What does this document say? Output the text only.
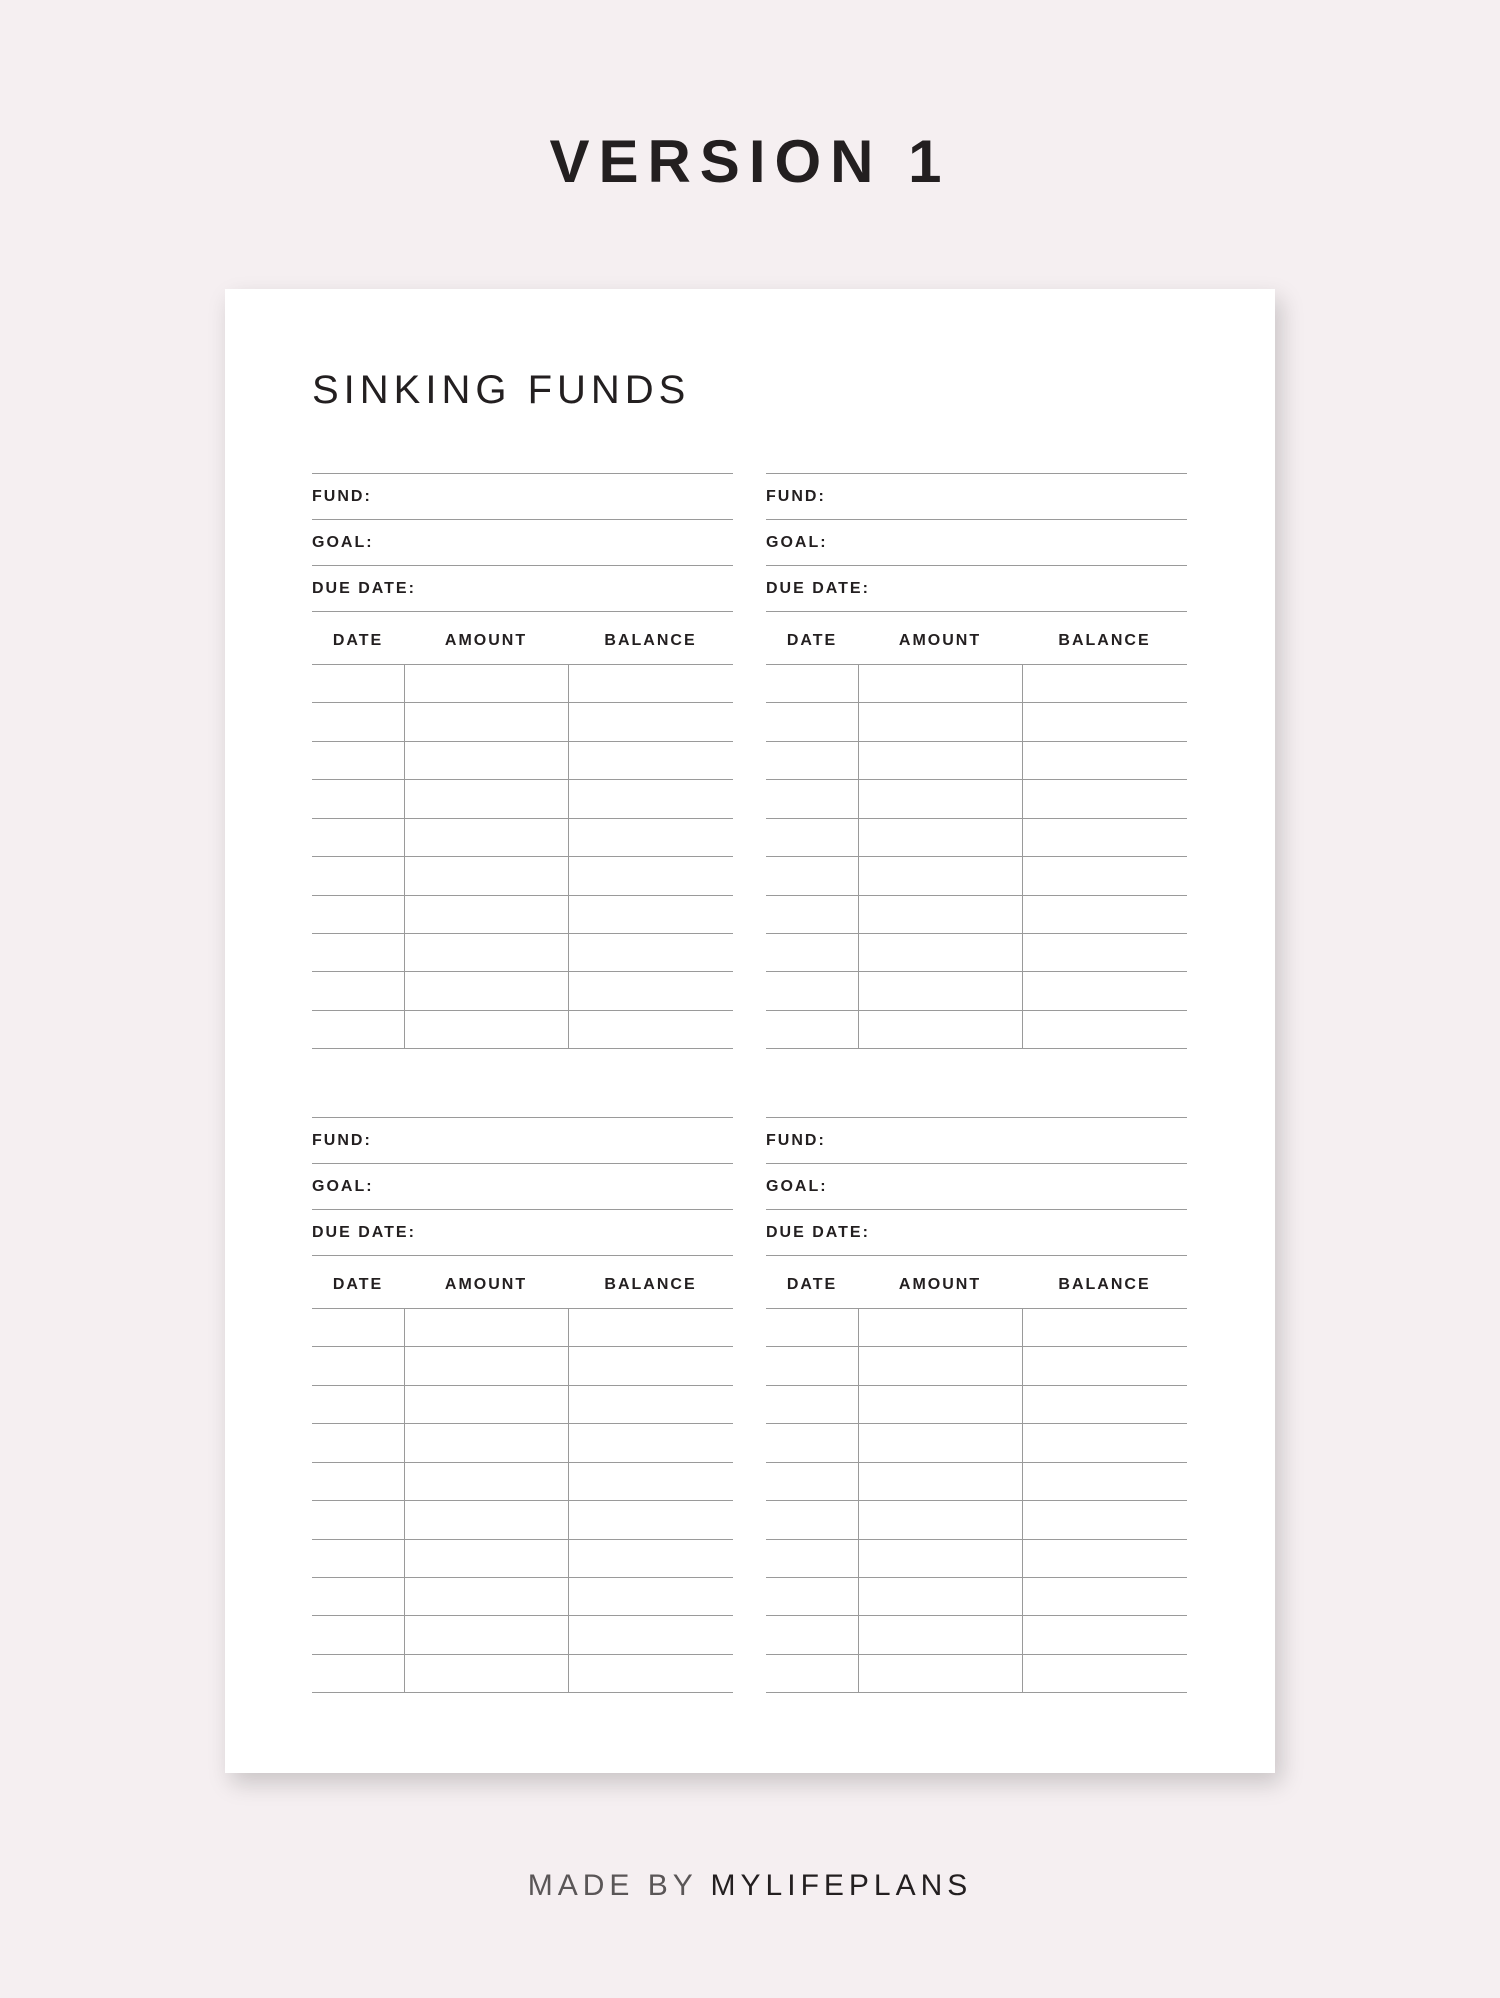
VERSION 1
SINKING FUNDS
FUND:
GOAL:
DUE DATE:
DATE	AMOUNT	BALANCE
FUND:
GOAL:
DUE DATE:
DATE	AMOUNT	BALANCE
FUND:
GOAL:
DUE DATE:
DATE	AMOUNT	BALANCE
FUND:
GOAL:
DUE DATE:
DATE	AMOUNT	BALANCE
MADE BY MYLIFEPLANS
